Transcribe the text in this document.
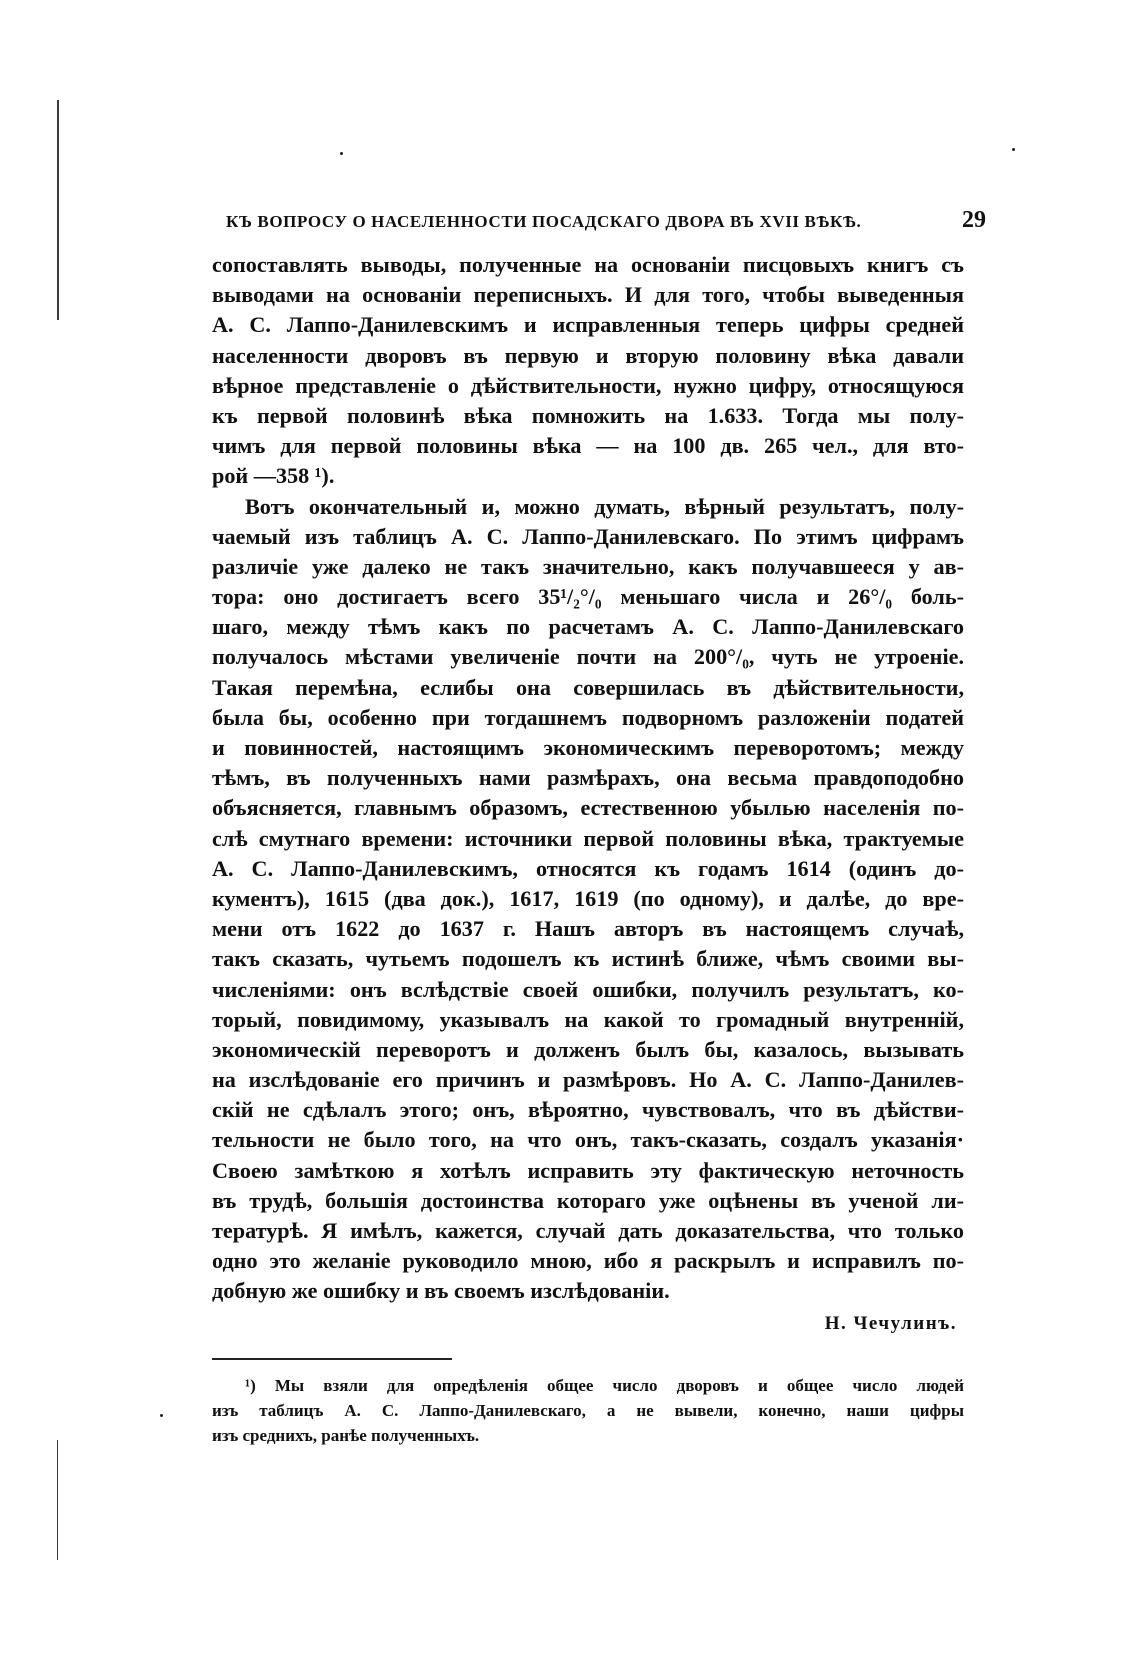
КЪ ВОПРОСУ О НАСЕЛЕННОСТИ ПОСАДСКАГО ДВОРА ВЪ XVII ВѢКѢ.	29
сопоставлять выводы, полученные на основаніи писцовыхъ книгъ съ
выводами на основаніи переписныхъ. И для того, чтобы выведенныя
А. С. Лаппо-Данилевскимъ и исправленныя теперь цифры средней
населенности дворовъ въ первую и вторую половину вѣка давали
вѣрное представленіе о дѣйствительности, нужно цифру, относящуюся
къ первой половинѣ вѣка помножить на 1.633. Тогда мы полу-
чимъ для первой половины вѣка — на 100 дв. 265 чел., для вто-
рой —358 ¹).
Вотъ окончательный и, можно думать, вѣрный результатъ, полу-
чаемый изъ таблицъ А. С. Лаппо-Данилевскаго. По этимъ цифрамъ
различіе уже далеко не такъ значительно, какъ получавшееся у ав-
тора: оно достигаетъ всего 35¹/₂°/₀ меньшаго числа и 26°/₀ боль-
шаго, между тѣмъ какъ по расчетамъ А. С. Лаппо-Данилевскаго
получалось мѣстами увеличеніе почти на 200°/₀, чуть не утроеніе.
Такая перемѣна, еслибы она совершилась въ дѣйствительности,
была бы, особенно при тогдашнемъ подворномъ разложеніи податей
и повинностей, настоящимъ экономическимъ переворотомъ; между
тѣмъ, въ полученныхъ нами размѣрахъ, она весьма правдоподобно
объясняется, главнымъ образомъ, естественною убылью населенія по-
слѣ смутнаго времени: источники первой половины вѣка, трактуемые
А. С. Лаппо-Данилевскимъ, относятся къ годамъ 1614 (одинъ до-
кументъ), 1615 (два док.), 1617, 1619 (по одному), и далѣе, до вре-
мени отъ 1622 до 1637 г. Нашъ авторъ въ настоящемъ случаѣ,
такъ сказать, чутьемъ подошелъ къ истинѣ ближе, чѣмъ своими вы-
численіями: онъ вслѣдствіе своей ошибки, получилъ результатъ, ко-
торый, повидимому, указывалъ на какой то громадный внутренній,
экономическій переворотъ и долженъ былъ бы, казалось, вызывать
на изслѣдованіе его причинъ и размѣровъ. Но А. С. Лаппо-Данилев-
скій не сдѣлалъ этого; онъ, вѣроятно, чувствовалъ, что въ дѣйстви-
тельности не было того, на что онъ, такъ-сказать, создалъ указанія·
Своею замѣткою я хотѣлъ исправить эту фактическую неточность
въ трудѣ, большія достоинства котораго уже оцѣнены въ ученой ли-
тературѣ. Я имѣлъ, кажется, случай дать доказательства, что только
одно это желаніе руководило мною, ибо я раскрылъ и исправилъ по-
добную же ошибку и въ своемъ изслѣдованіи.
Н. Чечулинъ.
¹) Мы взяли для опредѣленія общее число дворовъ и общее число людей
изъ таблицъ А. С. Лаппо-Данилевскаго, а не вывели, конечно, наши цифры
изъ среднихъ, ранѣе полученныхъ.
